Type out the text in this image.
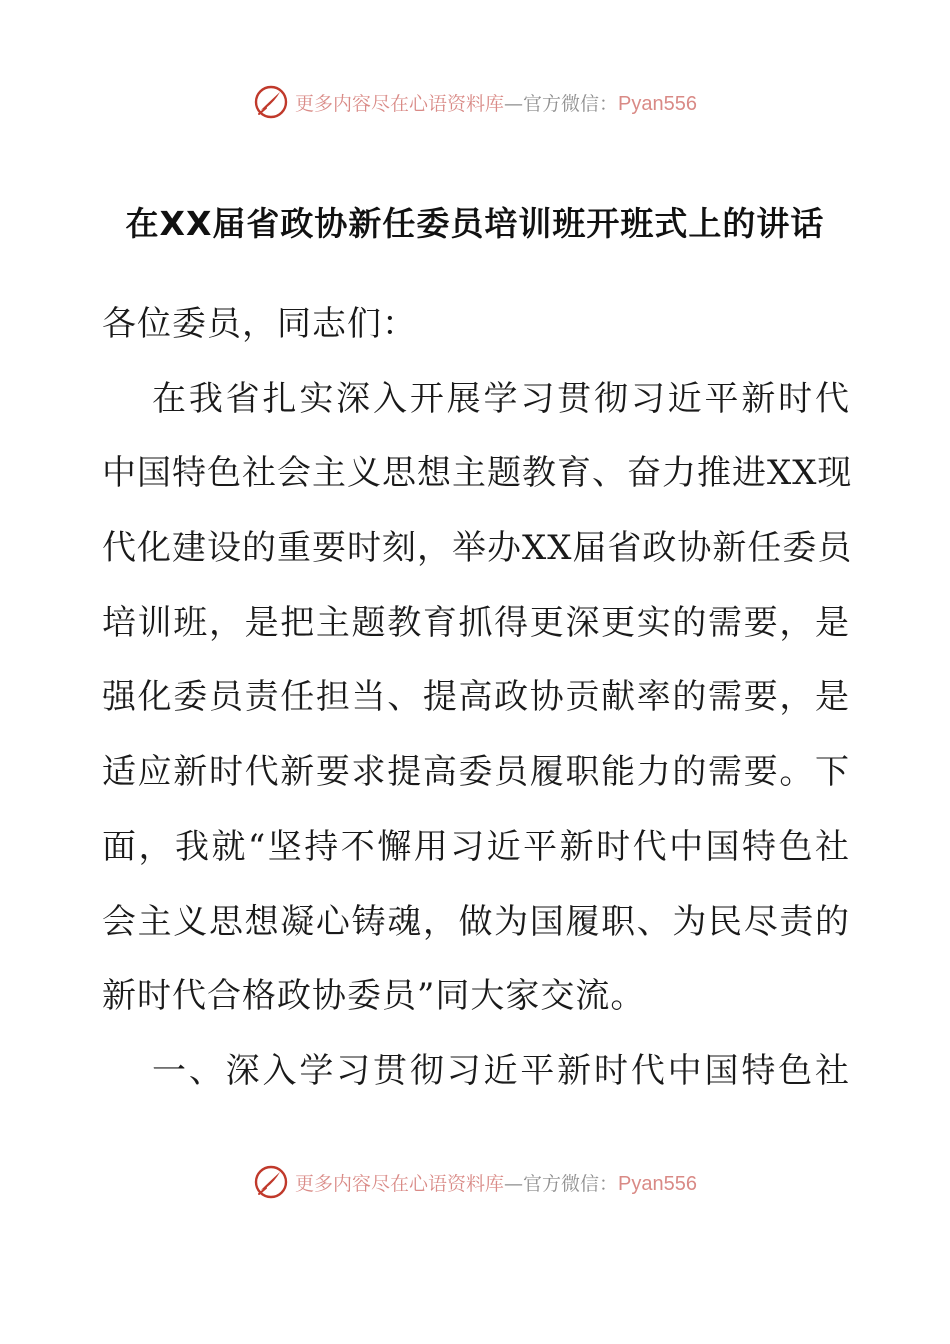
更多内容尽在心语资料库 —官方微信： Pyan556
在XX届省政协新任委员培训班开班式上的讲话
各位委员，同志们：
在我省扎实深入开展学习贯彻习近平新时代
中国特色社会主义思想主题教育、奋力推进XX现
代化建设的重要时刻，举办XX届省政协新任委员
培训班，是把主题教育抓得更深更实的需要，是
强化委员责任担当、提高政协贡献率的需要，是
适应新时代新要求提高委员履职能力的需要。下
面，我就“坚持不懈用习近平新时代中国特色社
会主义思想凝心铸魂，做为国履职、为民尽责的
新时代合格政协委员”同大家交流。
一、深入学习贯彻习近平新时代中国特色社
更多内容尽在心语资料库 —官方微信： Pyan556
